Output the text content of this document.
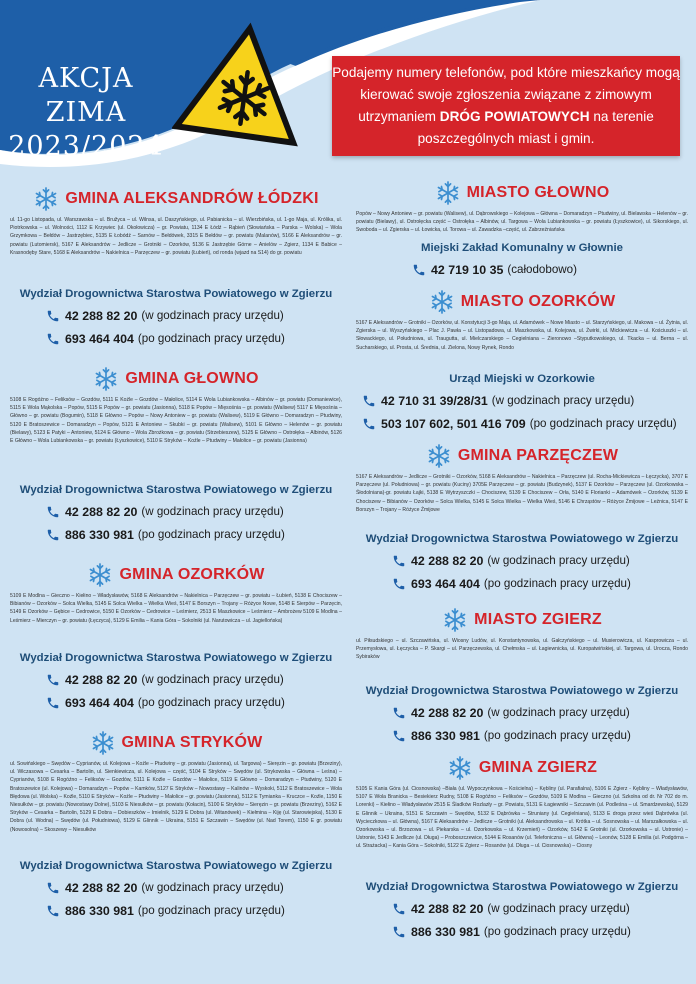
AKCJA ZIMA
2023/2024
Podajemy numery telefonów, pod które mieszkańcy mogą kierować swoje zgłoszenia związane z zimowym utrzymaniem DRÓG POWIATOWYCH na terenie poszczególnych miast i gmin.
GMINA ALEKSANDRÓW ŁÓDZKI
ul. 11-go Listopada, ul. Warszawska – ul. Bružyca – ul. Wilnsa, ul. Daszyńskiego, ul. Pabianicka – ul. Wierzbińska, ul. 1-go Maja, ul. Królika, ul. Piotrkowska – ul. Wolności, 1112 E Krzywiec (ul. Okołowicza) – gr. Powiatu, 1134 E Łódź – Rąbień (Słowiańska – Parska – Wolska) – Wola Grzymkowa – Bełdów – Jastrzębiec, 5135 E Łobódź – Sarnów – Bełdówek, 3315 E Bełdów – gr. powiatu (Malanów), 5166 E Aleksandrów – gr. powiatu (Lutomiersk), 5167 E Aleksandrów – Jedlicze – Grotniki – Ozorków, 5136 E Jastrzębie Górne – Anielów – Zgierz, 1134 E Babice – Krasnodęby Stare, 5168 E Aleksandrów – Nakielnica – Parzęczew – gr. powiatu (Łubień), od ronda (wjazd na S14) do gr. powiatu
Wydział Drogownictwa Starostwa Powiatowego w Zgierzu
42 288 82 20 (w godzinach pracy urzędu)
693 464 404 (po godzinach pracy urzędu)
GMINA GŁOWNO
5108 E Rogóźno – Feliksów – Gozdów, 5111 E Koźle – Gozdów – Małolice, 5114 E Wola Lubiankowska – Albinów – gr. powiatu (Domaniewice), 5115 E Wola Mąkolska – Popów, 5115 E Popów – gr. powiatu (Jasionna), 5118 E Popów – Mięsośnia – gr. powiatu (Walisew) 5117 E Mięsośnia – Główno – gr. powiatu (Bogumin), 5118 E Główno – Popów – Nowy Antoniew – gr. powiatu (Walisew), 5119 E Główno – Domaradzyn – Ptudwiny, 5120 E Bratoszewice – Domaradzyn – Popów, 5121 E Antoniew – Skubki – gr. powiatu (Walisew), 5101 E Główno – Helenów – gr. powiatu (Bielawy), 5123 E Patyki – Antoniew, 5124 E Główno – Wola Zbrożkowa – gr. powiatu (Strzebieszew), 5125 E Główno – Ostrołęka – Albinów, 5126 E Główno – Wola Lubiankowska – gr. powiatu (Łyszkowice), 5110 E Stryków – Koźle – Ptudwiny – Małolice – gr. powiatu (Jasionna)
Wydział Drogownictwa Starostwa Powiatowego w Zgierzu
42 288 82 20 (w godzinach pracy urzędu)
886 330 981 (po godzinach pracy urzędu)
GMINA OZORKÓW
5109 E Modlna – Gieczno – Kiełino – Władysławów, 5168 E Aleksandrów – Nakielnica – Parzęczew – gr. powiatu – Łubień, 5138 E Chociszew – Bibianów – Ozorków – Solca Wielka, 5145 E Solca Wielka – Wielka Wieś, 5147 E Borszyn – Trojany – Różyce Nowe, 5148 E Sierpów – Parzęcin, 5149 E Ozorków – Gębice – Cedrowice, 5150 E Ozorków – Cedrowice – Leśmierz, 2513 E Maszkowice – Leśmierz – Ambrożew 5109 E Modlna – Leśmierz – Mierczyn – gr. powiatu (Łęczyca), 5129 E Emilia – Kania Góra – Sokolniki (ul. Narutowicza – ul. Jagiellońska)
Wydział Drogownictwa Starostwa Powiatowego w Zgierzu
42 288 82 20 (w godzinach pracy urzędu)
693 464 404 (po godzinach pracy urzędu)
GMINA STRYKÓW
ul. Sowińskiego – Swędów – Cyprianów, ul. Kolejowa – Koźle – Ptudwiny – gr. powiatu (Jasionna), ul. Targowa) – Sieręzin – gr. powiatu (Brzeziny), ul. Wiczasowa – Cesarka – Bartolin, ul. Sienkiewicza, ul. Kolejowa – część, 5104 E Stryków – Swędów (ul. Strykowska – Główna – Leśna) – Cyprianów, 5108 E Rogóźno – Feliksów – Gozdów, 5111 E Koźle – Gozdów – Małolice, 5119 E Główno – Domaradzyn – Ptudwiny, 5120 E Bratoszewice (ul. Kolejowa) – Domaradzyn – Popów – Kamków, 5127 E Stryków – Nowostawy – Kalinów – Wyskoki, 5112 E Bratoszewice – Wola Błędowa (ul. Wolska) – Koźle, 5110 E Stryków – Koźle – Ptudwiny – Małolice – gr. powiatu (Jasionna), 5112 E Tymianka – Kruczce – Koźle, 1150 E Niesułków – gr. powiatu (Nowostawy Dolne), 5103 E Niesułków – gr. powiatu (Kołacin), 5100 E Stryków – Sieręzin – gr. powiatu (Brzeziny), 5162 E Stryków – Cesarka – Bartolin, 5129 E Dobra – Dobieszków – Imielnik, 5129 E Dobra (ul. Witanówek) – Kiełmina – Kiję (ul. Starowiejska), 5130 E Dobra (ul. Wodna) – Swędów (ul. Południowa), 5129 E Glinnik – Ukraina, 5151 E Szczawin – Swędów (ul. Nad Torem), 1150 E gr. powiatu (Nowosolna) – Skoszewy – Niesułków
Wydział Drogownictwa Starostwa Powiatowego w Zgierzu
42 288 82 20 (w godzinach pracy urzędu)
886 330 981 (po godzinach pracy urzędu)
MIASTO GŁOWNO
Popów – Nowy Antoniew – gr. powiatu (Walisew), ul. Dąbrowskiego – Kolejowa – Główna – Domaradzyn – Ptudwiny, ul. Bielawska – Helenów – gr. powiatu (Bielawy), ul. Ostrołęcka część – Ostrołęka – Albinów, ul. Targowa – Wola Lubiankowska – gr. powiatu (Łyszkowice), ul. Sikorskiego, ul. Swoboda – ul. Zgierska – ul. Łowicka, ul. Torowa – ul. Zawadzka –część, ul. Zabrzeźniańska
Miejski Zakład Komunalny w Głownie
42 719 10 35 (całodobowo)
MIASTO OZORKÓW
5167 E Aleksandrów – Grotniki – Ozorków, ul. Konstytucji 3-go Maja, ul. Adamówek – Nowe Miasto – ul. Starzyńskiego, ul. Makowa – ul. Żytnia, ul. Zgierska – ul. Wyszyńskiego – Plac J. Pawła – ul. Listopadowa, ul. Maszkowska, ul. Kolejowa, ul. Żwirki, ul. Mickiewicza – ul. Kościuszki – ul. Słowackiego, ul. Południowa, ul. Traugutta, ul. Mielczarskiego – Cegielniana – Zieronowo –Styputkowskiego, ul. Tkacka – ul. Berna – ul. Sucharskiego, ul. Prosta, ul. Średnia, ul. Zielona, Nowy Rynek, Rondo
Urząd Miejski w Ozorkowie
42 710 31 39/28/31 (w godzinach pracy urzędu)
503 107 602, 501 416 709 (po godzinach pracy urzędu)
GMINA PARZĘCZEW
5167 E Aleksandrów – Jedlicze – Grotniki – Ozorków, 5168 E Aleksandrów – Nakielnica – Parzęczew (ul. Rocha-Mickiewicza – Łęczycka), 3707 E Parzęczew (ul. Południowa) – gr. powiatu (Kuciny) 3705E Parzęczew – gr. powiatu (Budzynek), 5137 E Ozorków – Parzęczew (ul. Ozorkowska – Śłodolniana)-gr. powiatu Łajki, 5138 E Wytrzyszczki – Chociszew, 5139 E Chociszew – Orła, 5140 E Florianki – Adamówek – Ozorków, 5139 E Chociszew – Bibianów – Ozorków – Solca Wielka, 5145 E Solca Wielka – Wielka Wieś, 5146 E Chrząstów – Różyce Żmijowe – Leźnica, 5147 E Borszyn – Trojany – Różyce Żmijowe
Wydział Drogownictwa Starostwa Powiatowego w Zgierzu
42 288 82 20 (w godzinach pracy urzędu)
693 464 404 (po godzinach pracy urzędu)
MIASTO ZGIERZ
ul. Piłsudskiego – ul. Szczawińska, ul. Wiosny Ludów, ul. Konstantynowska, ul. Gałczyńskiego – ul. Musierowicza, ul. Kasprowicza – ul. Przemysłowa, ul. Łęczycka – P. Skargi – ul. Parzęczewska, ul. Chełmska – ul. Łagiewnicka, ul. Kuropatwińskiej, ul. Targowa, ul. Urocza, Rondo Sybiraków
Wydział Drogownictwa Starostwa Powiatowego w Zgierzu
42 288 82 20 (w godzinach pracy urzędu)
886 330 981 (po godzinach pracy urzędu)
GMINA ZGIERZ
5105 E Kania Góra (ul. Ciosnowska) –Biała (ul. Wypoczynkowa – Kościelna) – Kębliny (ul. Parafialna), 5106 E Zgierz - Kębliny – Władysławów, 5107 E Wola Branicka – Besiekierz Rudny, 5108 E Rogóźno – Feliksów – Gozdów, 5109 E Modlna – Gieczno (ul. Szkolna od dr. Nr 702 do m. Lorenki) – Kiełino – Władysławów 2515 E Śladków Rozlazły – gr. Powiatu, 5131 E Łagiewniki – Szczawin (ul. Podleśna – ul. Smardzewska), 5129 E Glinnik – Ukraina, 5151 E Szczawin – Swędów, 5132 E Dąbrówka – Struniany (ul. Cegielniana), 5133 E droga przez wieś Dąbrówka (ul. Wycieczkowa – ul. Główna), 5167 E Aleksandrów – Jedlicze – Grotniki (ul. Aleksandrowska – ul. Krótka – ul. Sosnowska – ul. Marszałkowska – ul. Ozorkowska – ul. Brzozowa – ul. Piekarska – ul. Ozorkowska – ul. Krzemień) – Ozorków, 5142 E Grotniki (ul. Ozorkowska – ul. Ustronie) – Ustronie, 5143 E Jedlicze (ul. Długa) – Proboszczewice, 5144 E Rosanów (ul. Telefoniczna – ul. Główna) – Leonów, 5128 E Emilia (ul. Podgórna – ul. Strażacka) – Kania Góra – Sokolniki, 5122 E Zgierz – Rosanów (ul. Długa – ul. Ciosnowska) – Ciosny
Wydział Drogownictwa Starostwa Powiatowego w Zgierzu
42 288 82 20 (w godzinach pracy urzędu)
886 330 981 (po godzinach pracy urzędu)
